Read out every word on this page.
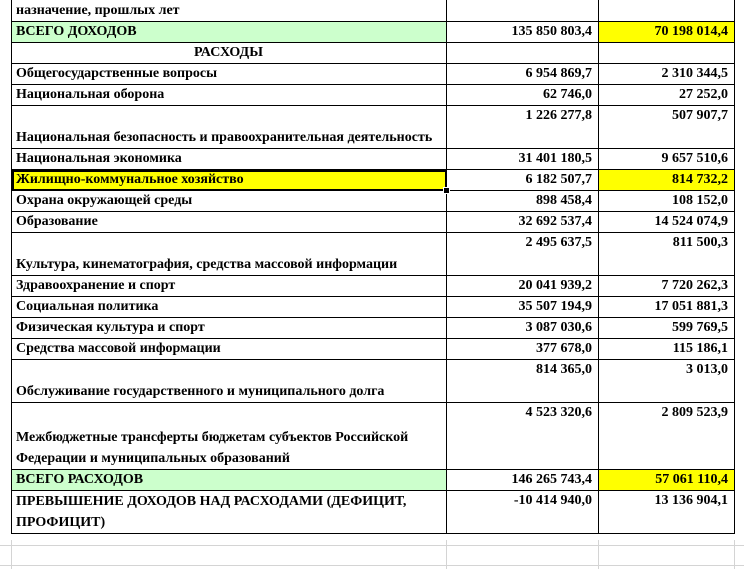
назначение, прошлых лет		
ВСЕГО ДОХОДОВ	135 850 803,4	70 198 014,4
РАСХОДЫ		
Общегосударственные вопросы	6 954 869,7	2 310 344,5
Национальная оборона	62 746,0	27 252,0
Национальная безопасность и правоохранительная деятельность	1 226 277,8	507 907,7
Национальная экономика	31 401 180,5	9 657 510,6
Жилищно-коммунальное хозяйство	6 182 507,7	814 732,2
Охрана окружающей среды	898 458,4	108 152,0
Образование	32 692 537,4	14 524 074,9
Культура, кинематография, средства массовой информации	2 495 637,5	811 500,3
Здравоохранение и спорт	20 041 939,2	7 720 262,3
Социальная политика	35 507 194,9	17 051 881,3
Физическая культура и спорт	3 087 030,6	599 769,5
Средства массовой информации	377 678,0	115 186,1
Обслуживание государственного и муниципального долга	814 365,0	3 013,0
Межбюджетные трансферты бюджетам субъектов Российской Федерации и муниципальных образований	4 523 320,6	2 809 523,9
ВСЕГО РАСХОДОВ	146 265 743,4	57 061 110,4
ПРЕВЫШЕНИЕ ДОХОДОВ НАД РАСХОДАМИ (ДЕФИЦИТ, ПРОФИЦИТ)	-10 414 940,0	13 136 904,1
